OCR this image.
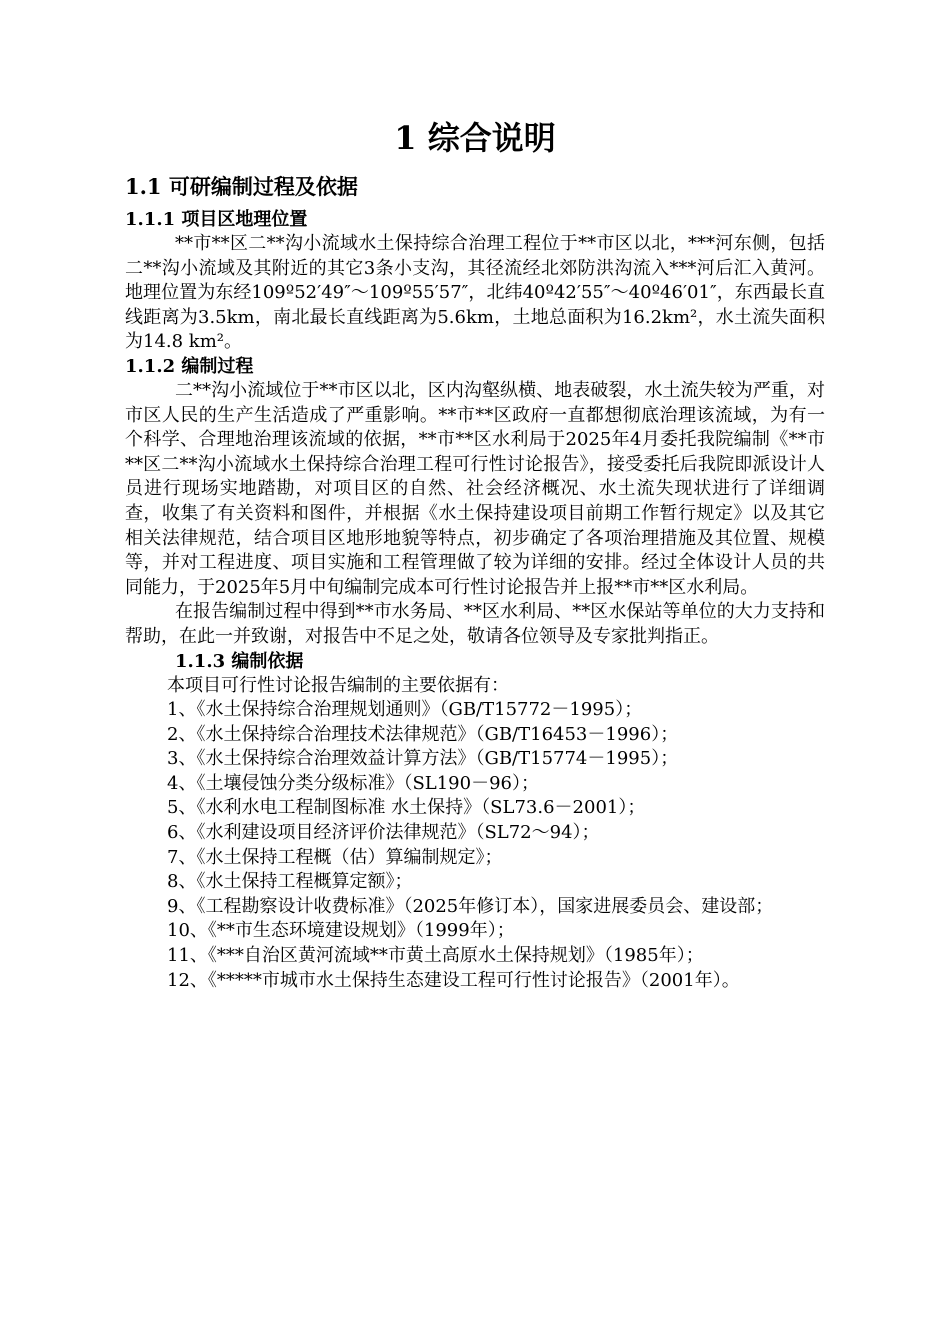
1 综合说明
1.1 可研编制过程及依据
1.1.1 项目区地理位置

**市**区二**沟小流域水土保持综合治理工程位于**市区以北，***河东侧，包括二**沟小流域及其附近的其它3条小支沟，其径流经北郊防洪沟流入***河后汇入黄河。地理位置为东经109º52′49″～109º55′57″，北纬40º42′55″～40º46′01″，东西最长直线距离为3.5km，南北最长直线距离为5.6km，土地总面积为16.2km²，水土流失面积为14.8 km²。

1.1.2 编制过程

二**沟小流域位于**市区以北，区内沟壑纵横、地表破裂，水土流失较为严重，对市区人民的生产生活造成了严重影响。**市**区政府一直都想彻底治理该流域，为有一个科学、合理地治理该流域的依据，**市**区水利局于2025年4月委托我院编制《**市**区二**沟小流域水土保持综合治理工程可行性讨论报告》，接受委托后我院即派设计人员进行现场实地踏勘，对项目区的自然、社会经济概况、水土流失现状进行了详细调查，收集了有关资料和图件，并根据《水土保持建设项目前期工作暂行规定》以及其它相关法律规范，结合项目区地形地貌等特点，初步确定了各项治理措施及其位置、规模等，并对工程进度、项目实施和工程管理做了较为详细的安排。经过全体设计人员的共同能力，于2025年5月中旬编制完成本可行性讨论报告并上报**市**区水利局。

在报告编制过程中得到**市水务局、**区水利局、**区水保站等单位的大力支持和帮助，在此一并致谢，对报告中不足之处，敬请各位领导及专家批判指正。

1.1.3 编制依据

本项目可行性讨论报告编制的主要依据有：

1、《水土保持综合治理规划通则》（GB/T15772－1995）；

2、《水土保持综合治理技术法律规范》（GB/T16453－1996）；

3、《水土保持综合治理效益计算方法》（GB/T15774－1995）；

4、《土壤侵蚀分类分级标准》（SL190－96）；

5、《水利水电工程制图标准 水土保持》（SL73.6－2001）；

6、《水利建设项目经济评价法律规范》（SL72～94）；

7、《水土保持工程概（估）算编制规定》；

8、《水土保持工程概算定额》；

9、《工程勘察设计收费标准》（2025年修订本），国家进展委员会、建设部；

10、《**市生态环境建设规划》（1999年）；

11、《***自治区黄河流域**市黄土高原水土保持规划》（1985年）；

12、《*****市城市水土保持生态建设工程可行性讨论报告》（2001年）。
